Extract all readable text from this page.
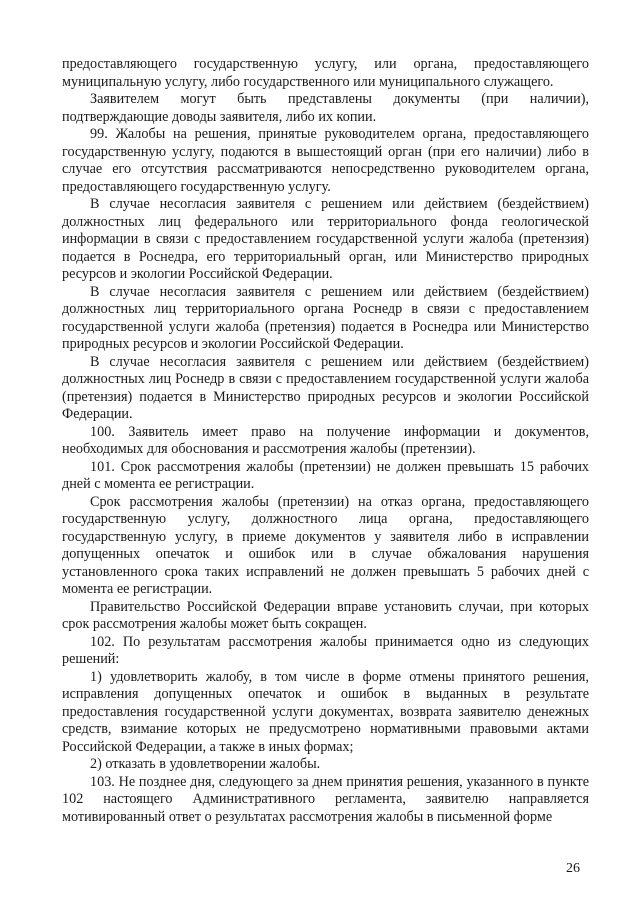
предоставляющего государственную услугу, или органа, предоставляющего муниципальную услугу, либо государственного или муниципального служащего.

Заявителем могут быть представлены документы (при наличии), подтверждающие доводы заявителя, либо их копии.

99. Жалобы на решения, принятые руководителем органа, предоставляющего государственную услугу, подаются в вышестоящий орган (при его наличии) либо в случае его отсутствия рассматриваются непосредственно руководителем органа, предоставляющего государственную услугу.

В случае несогласия заявителя с решением или действием (бездействием) должностных лиц федерального или территориального фонда геологической информации в связи с предоставлением государственной услуги жалоба (претензия) подается в Роснедра, его территориальный орган, или Министерство природных ресурсов и экологии Российской Федерации.

В случае несогласия заявителя с решением или действием (бездействием) должностных лиц территориального органа Роснедр в связи с предоставлением государственной услуги жалоба (претензия) подается в Роснедра или Министерство природных ресурсов и экологии Российской Федерации.

В случае несогласия заявителя с решением или действием (бездействием) должностных лиц Роснедр в связи с предоставлением государственной услуги жалоба (претензия) подается в Министерство природных ресурсов и экологии Российской Федерации.

100. Заявитель имеет право на получение информации и документов, необходимых для обоснования и рассмотрения жалобы (претензии).

101. Срок рассмотрения жалобы (претензии) не должен превышать 15 рабочих дней с момента ее регистрации.

Срок рассмотрения жалобы (претензии) на отказ органа, предоставляющего государственную услугу, должностного лица органа, предоставляющего государственную услугу, в приеме документов у заявителя либо в исправлении допущенных опечаток и ошибок или в случае обжалования нарушения установленного срока таких исправлений не должен превышать 5 рабочих дней с момента ее регистрации.

Правительство Российской Федерации вправе установить случаи, при которых срок рассмотрения жалобы может быть сокращен.

102. По результатам рассмотрения жалобы принимается одно из следующих решений:

1) удовлетворить жалобу, в том числе в форме отмены принятого решения, исправления допущенных опечаток и ошибок в выданных в результате предоставления государственной услуги документах, возврата заявителю денежных средств, взимание которых не предусмотрено нормативными правовыми актами Российской Федерации, а также в иных формах;

2) отказать в удовлетворении жалобы.

103. Не позднее дня, следующего за днем принятия решения, указанного в пункте 102 настоящего Административного регламента, заявителю направляется мотивированный ответ о результатах рассмотрения жалобы в письменной форме

26
